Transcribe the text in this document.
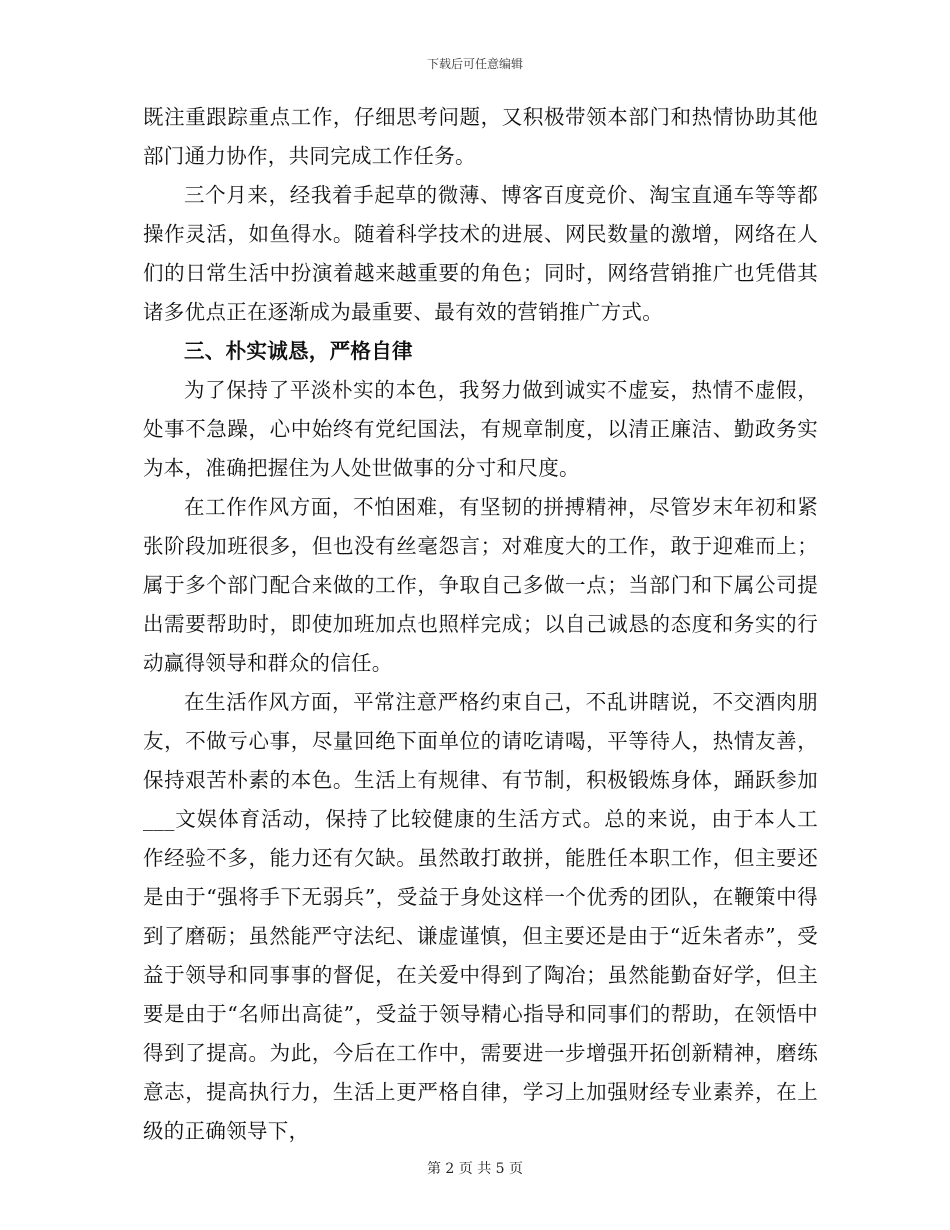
下载后可任意编辑

既注重跟踪重点工作，仔细思考问题，又积极带领本部门和热情协助其他部门通力协作，共同完成工作任务。

三个月来，经我着手起草的微薄、博客百度竞价、淘宝直通车等等都操作灵活，如鱼得水。随着科学技术的进展、网民数量的激增，网络在人们的日常生活中扮演着越来越重要的角色；同时，网络营销推广也凭借其诸多优点正在逐渐成为最重要、最有效的营销推广方式。

三、朴实诚恳，严格自律

为了保持了平淡朴实的本色，我努力做到诚实不虚妄，热情不虚假，处事不急躁，心中始终有党纪国法，有规章制度，以清正廉洁、勤政务实为本，准确把握住为人处世做事的分寸和尺度。

在工作作风方面，不怕困难，有坚韧的拼搏精神，尽管岁末年初和紧张阶段加班很多，但也没有丝毫怨言；对难度大的工作，敢于迎难而上；属于多个部门配合来做的工作，争取自己多做一点；当部门和下属公司提出需要帮助时，即使加班加点也照样完成；以自己诚恳的态度和务实的行动赢得领导和群众的信任。

在生活作风方面，平常注意严格约束自己，不乱讲瞎说，不交酒肉朋友，不做亏心事，尽量回绝下面单位的请吃请喝，平等待人，热情友善，保持艰苦朴素的本色。生活上有规律、有节制，积极锻炼身体，踊跃参加___文娱体育活动，保持了比较健康的生活方式。总的来说，由于本人工作经验不多，能力还有欠缺。虽然敢打敢拼，能胜任本职工作，但主要还是由于“强将手下无弱兵”，受益于身处这样一个优秀的团队，在鞭策中得到了磨砺；虽然能严守法纪、谦虚谨慎，但主要还是由于“近朱者赤”，受益于领导和同事事的督促，在关爱中得到了陶冶；虽然能勤奋好学，但主要是由于“名师出高徒”，受益于领导精心指导和同事们的帮助，在领悟中得到了提高。为此，今后在工作中，需要进一步增强开拓创新精神，磨练意志，提高执行力，生活上更严格自律，学习上加强财经专业素养，在上级的正确领导下，

第 2 页 共 5 页
